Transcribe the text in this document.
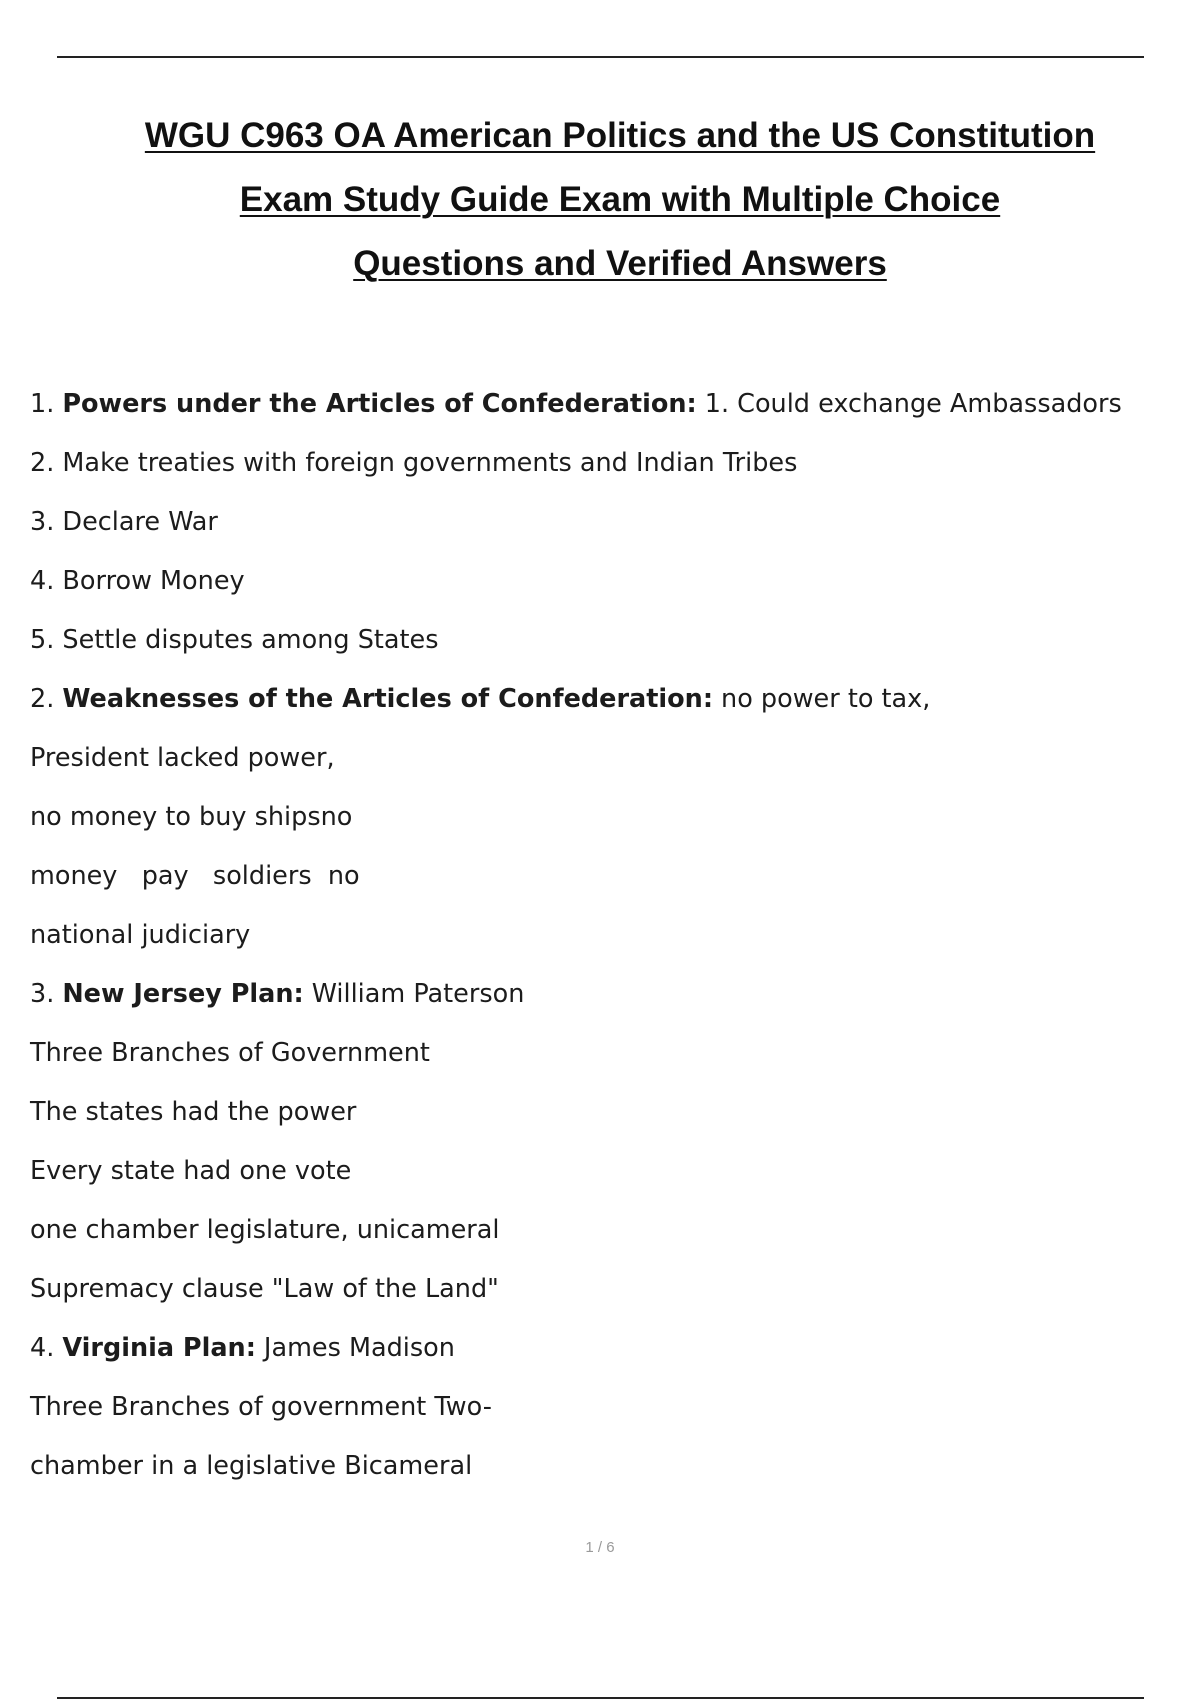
WGU C963 OA American Politics and the US Constitution
Exam Study Guide Exam with Multiple Choice
Questions and Verified Answers
1. Powers under the Articles of Confederation: 1. Could exchange Ambassadors
2. Make treaties with foreign governments and Indian Tribes
3. Declare War
4. Borrow Money
5. Settle disputes among States
2. Weaknesses of the Articles of Confederation: no power to tax,
President lacked power,
no money to buy shipsno
money   pay   soldiers  no
national judiciary
3. New Jersey Plan: William Paterson
Three Branches of Government
The states had the power
Every state had one vote
one chamber legislature, unicameral
Supremacy clause "Law of the Land"
4. Virginia Plan: James Madison
Three Branches of government Two-
chamber in a legislative Bicameral
1 / 6
